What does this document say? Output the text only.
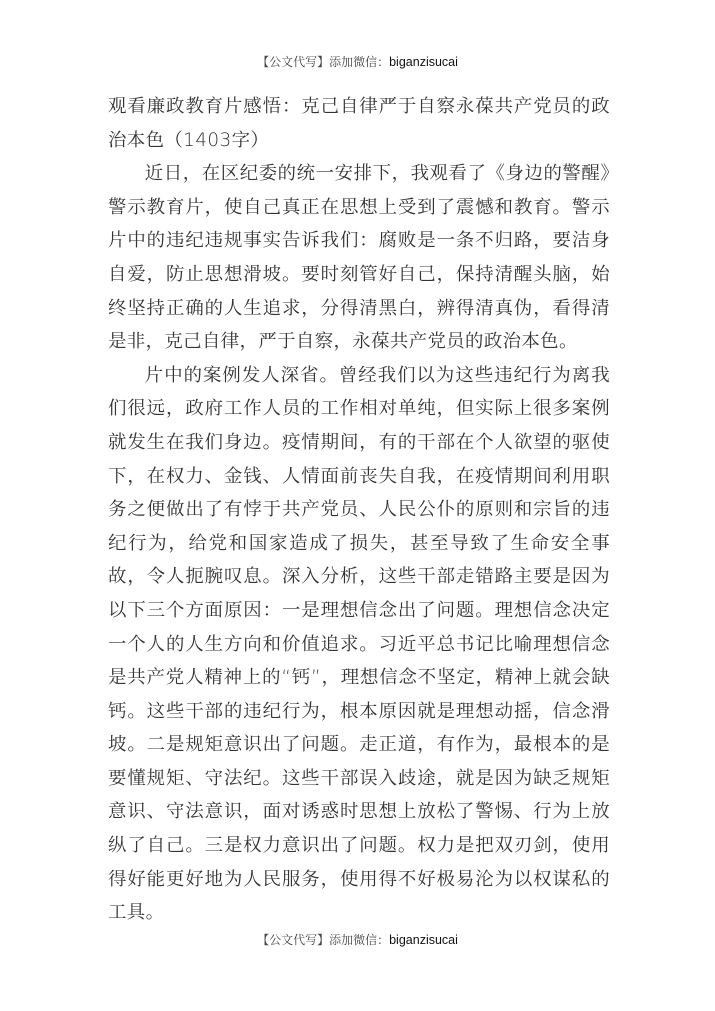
【公文代写】添加微信：biganzisucai

观看廉政教育片感悟：克己自律严于自察永葆共产党员的政治本色（1403字）

近日，在区纪委的统一安排下，我观看了《身边的警醒》警示教育片，使自己真正在思想上受到了震憾和教育。警示片中的违纪违规事实告诉我们：腐败是一条不归路，要洁身自爱，防止思想滑坡。要时刻管好自己，保持清醒头脑，始终坚持正确的人生追求，分得清黑白，辨得清真伪，看得清是非，克己自律，严于自察，永葆共产党员的政治本色。

片中的案例发人深省。曾经我们以为这些违纪行为离我们很远，政府工作人员的工作相对单纯，但实际上很多案例就发生在我们身边。疫情期间，有的干部在个人欲望的驱使下，在权力、金钱、人情面前丧失自我，在疫情期间利用职务之便做出了有悖于共产党员、人民公仆的原则和宗旨的违纪行为，给党和国家造成了损失，甚至导致了生命安全事故，令人扼腕叹息。深入分析，这些干部走错路主要是因为以下三个方面原因：一是理想信念出了问题。理想信念决定一个人的人生方向和价值追求。习近平总书记比喻理想信念是共产党人精神上的“钙”，理想信念不坚定，精神上就会缺钙。这些干部的违纪行为，根本原因就是理想动摇，信念滑坡。二是规矩意识出了问题。走正道，有作为，最根本的是要懂规矩、守法纪。这些干部误入歧途，就是因为缺乏规矩意识、守法意识，面对诱惑时思想上放松了警惕、行为上放纵了自己。三是权力意识出了问题。权力是把双刃剑，使用得好能更好地为人民服务，使用得不好极易沦为以权谋私的工具。

【公文代写】添加微信：biganzisucai
